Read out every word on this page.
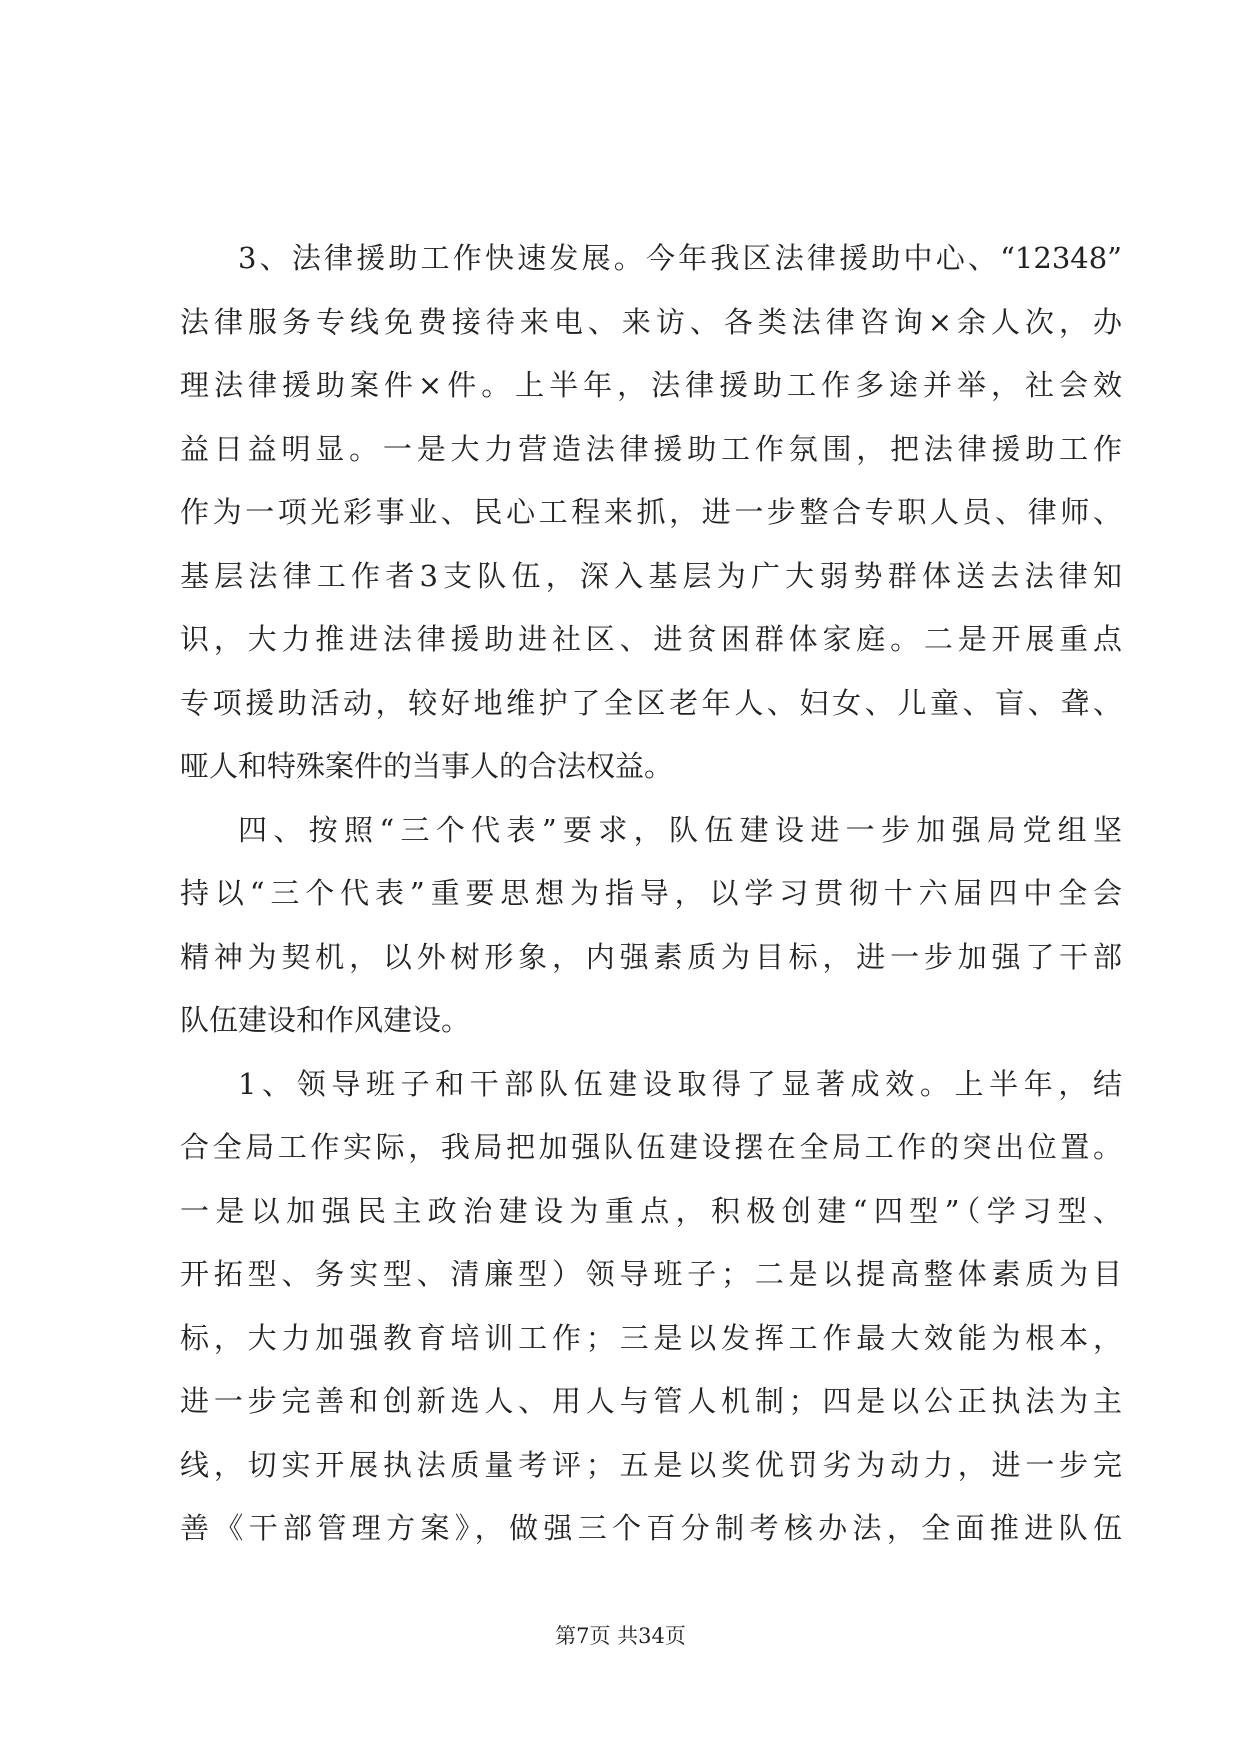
3、法律援助工作快速发展。今年我区法律援助中心、“12348”
法律服务专线免费接待来电、来访、各类法律咨询×余人次，办
理法律援助案件×件。上半年，法律援助工作多途并举，社会效
益日益明显。一是大力营造法律援助工作氛围，把法律援助工作
作为一项光彩事业、民心工程来抓，进一步整合专职人员、律师、
基层法律工作者3支队伍，深入基层为广大弱势群体送去法律知
识，大力推进法律援助进社区、进贫困群体家庭。二是开展重点
专项援助活动，较好地维护了全区老年人、妇女、儿童、盲、聋、
哑人和特殊案件的当事人的合法权益。
四、按照“三个代表”要求，队伍建设进一步加强局党组坚
持以“三个代表”重要思想为指导，以学习贯彻十六届四中全会
精神为契机，以外树形象，内强素质为目标，进一步加强了干部
队伍建设和作风建设。
1、领导班子和干部队伍建设取得了显著成效。上半年，结
合全局工作实际，我局把加强队伍建设摆在全局工作的突出位置。
一是以加强民主政治建设为重点，积极创建“四型”（学习型、
开拓型、务实型、清廉型）领导班子；二是以提高整体素质为目
标，大力加强教育培训工作；三是以发挥工作最大效能为根本，
进一步完善和创新选人、用人与管人机制；四是以公正执法为主
线，切实开展执法质量考评；五是以奖优罚劣为动力，进一步完
善《干部管理方案》，做强三个百分制考核办法，全面推进队伍
第7页 共34页
